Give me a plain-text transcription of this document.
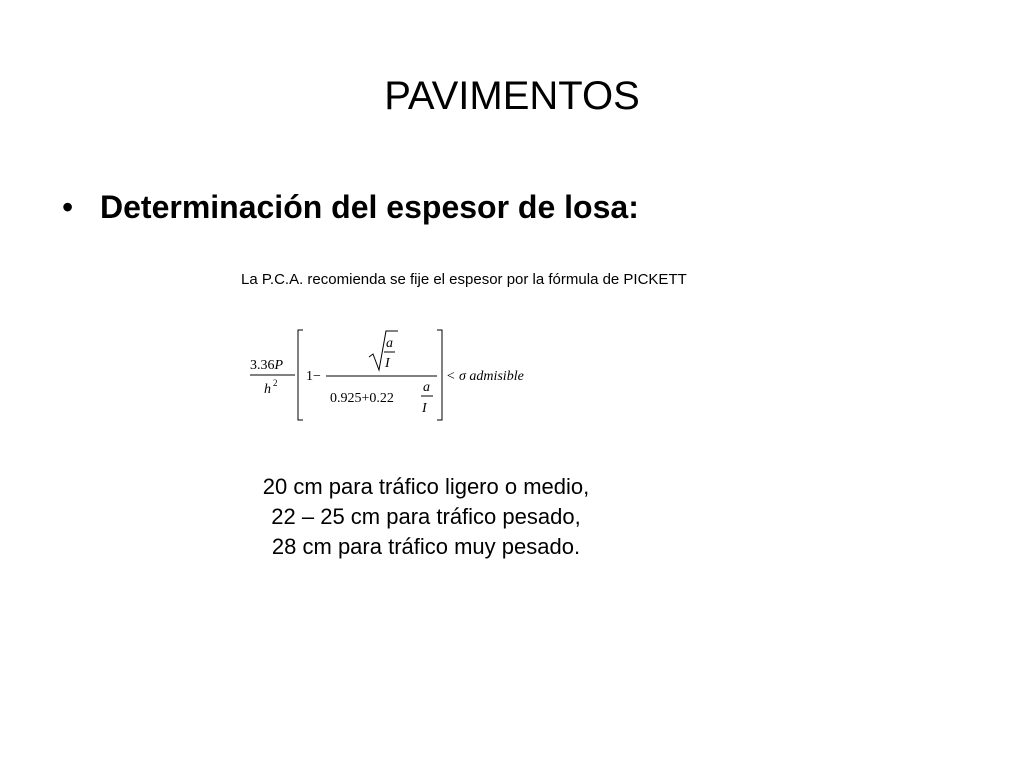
PAVIMENTOS
• Determinación del espesor de losa:
La P.C.A. recomienda se fije el espesor por la fórmula de PICKETT
3.36P
h 2 1−
a
I
0.925+0.22
a
I
< σ admisible
20 cm para tráfico ligero o medio,
22 – 25 cm para tráfico pesado,
28 cm para tráfico muy pesado.
